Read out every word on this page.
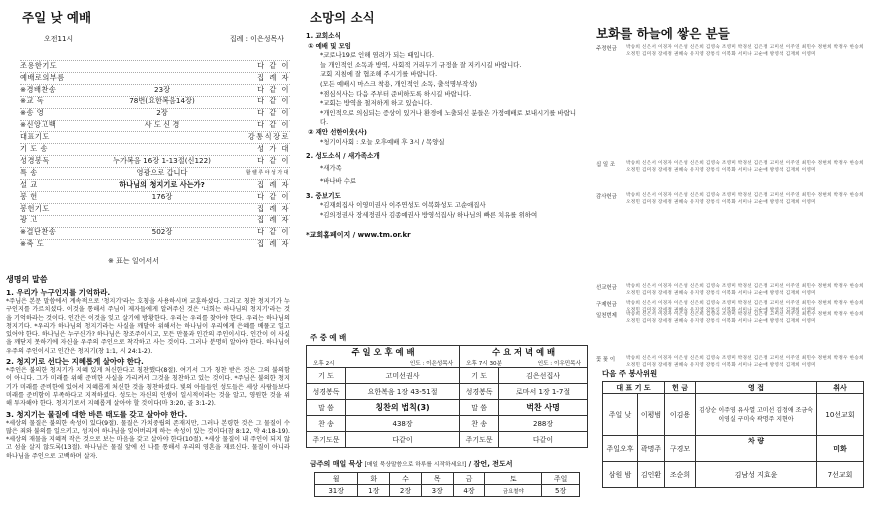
주일 낮 예배
오전11시	집례 : 이은성목사
조용한기도	다 같 이
예배로의부름	집 례 자
※경배찬송	23장	다 같 이
※교 독	78번(요한복음14장)	다 같 이
※송 영	2장	다 같 이
※신앙고백	사 도 신 경	다 같 이
대표기도	강통식장로
기 도 송	성 가 대
성경봉독	누가복음 16장 1-13절(신122)	다 같 이
특 송	영광으로 갑니다	할렐루야성가대
설 교	하나님의 청지기로 사는가?	집 례 자
봉 헌	176장	다 같 이
봉헌기도	집 례 자
광 고	집 례 자
※결단찬송	502장	다 같 이
※축 도	집 례 자
※ 표는 일어서서
생명의 말씀
1. 우리가 누구인지를 기억하라.
*주님은 본문 말씀에서 계속적으로 '청지기'라는 호칭을 사용하시며 교훈하셨다. 그리고 칭찬 청지기가 누구인지를 가르치셨다. 이것을 통해서 주님이 제자들에게 알려주신 것은 '너희는 하나님의 청지기'라는 것을 기억하라는 것이다. 인간은 이것을 잊고 살기에 방황한다. 우리는 우리를 찾아야 한다. 우리는 하나님의 청지기다. *우리가 하나님의 청지기라는 사실을 깨달아 위해서는 하나님이 우리에게 은혜를 베풀고 일고 있어야 한다. 하나님은 누구신가? 하나님은 창조주이시고, 모든 만물과 인간의 주인이시다. 인간이 이 사실을 깨닫지 못하기에 자신을 우주의 주인으로 착각하고 사는 것이다. 그러나 분명히 알아야 한다. 하나님이 우주의 주인이시고 인간은 청지기(창 1:1, 시 24:1-2).
2. 청지기로 선다는 지혜롭게 살아야 한다.
*주인은 불의한 청지기가 지혜 있게 처신한다고 칭찬했다(8절). 여기서 그가 칭찬 받은 것은 그의 불의함이 아니다. 그가 미래를 위해 준비한 사실을 가리켜서 그것을 칭찬하고 있는 것이다. *주님은 불의한 청지기가 미래를 준비한에 있어서 지혜롭게 처신한 것을 칭찬하셨다. 빛의 아들들인 성도들은 세상 사람들보다 미래를 준비함이 부족하다고 지적하셨다. 성도는 자신의 인생이 일시적이라는 것을 알고, 영원한 것을 위해 투자해야 한다. 청지기로서 지혜롭게 살아야 할 것이다(마 3:20, 골 3:1-2).
3. 청지기는 물질에 대한 바른 태도를 갖고 살아야 한다.
*세상의 물질은 불의한 속성이 있다(9절). 물질은 가치중립의 존재지만, 그러나 본령한 것은 그 물질이 수많은 죄와 불의를 일으키고, 성지어 하나님을 잊어버리게 하는 속성이 있는 것이다(참 8:12, 약 4:18-19). *세상의 재물을 지혜적 작은 것으로 보는 마음을 갖고 살아야 한다(10절). *세상 물질이 내 주인이 되지 않고 섬을 살지 않도록(13절). 하나님은 물질 앞에 선 나를 통해서 우리의 영혼을 재료신다. 물질이 아니라 하나님을 주인으로 고백하며 살자.
소망의 소식
1. 교회소식
① 예배 및 모임
*코로나19로 인해 염려가 되는 때입니다.
늘 개인적인 소독과 방역, 사회적 거리두기 규정을 잘 지키시길 바랍니다.
교회 지침에 잘 협조해 주시기를 바랍니다.
(모든 예배시 마스크 착용, 개인적인 소독, 출석명부작성)
*점심식사는 다음 주부터 준비하도록 하시길 바랍니다.
*교회는 방역을 철저하게 하고 있습니다.
*개인적으로 의심되는 증상이 있거나 환경에 노출되신 분들은 가정예배로 보내시기를 바랍니다.
② 재안 선한이웃(사)
*청기이사회 : 오늘 오후예배 후 3시 / 목양실
2. 성도소식 / 새가족소개
*새가족
*바나바 수료
3. 중보기도
*김재희집사 이영미권사 이주연성도 이복화성도 고순애집사
*김의정권사 장세정권사 김종예권사 방영석집사/ 하나님의 빠른 치유를 위하여
*교회홈페이지 / www.tm.or.kr
주 중 예 배
주 일 오 후 예 배		수 요 저 녁 예 배	

오후 2시 인도 : 이은성목사		오후 7시 30분 인도 : 이우민목사	

기 도	고미선권사	기 도	김은선집사
성경봉독	요한복음 1장 43-51절	성경봉독	로마서 1장 1-7절
말 씀	칭찬의 법칙(3)	말 씀	벅찬 사명
찬 송	438장	찬 송	288장
주기도문	다같이	주기도문	다같이
금주의 매일 묵상 [매일 묵상말씀으로 하루를 시작하세요!] / 잠언, 전도서
월	화	수	목	금	토	주일
31장	1장	2장	3장	4장	금요철야	5장
보화를 하늘에 쌓은 분들
주정헌금 박승희 신은서 이경자 이은성 신은희 김영숙 조영미 박경선 김은정 고미선 이주연 최민수 정현희 박정우 한승희 오정민 김미경 장세정 권혜숙 유지영 강통식 이복화 서미나 고순애 방영석 김재희 이영미
십 일 조 박승희 신은서 이경자 이은성 신은희 김영숙 조영미 박경선 김은정 고미선 이주연 최민수 정현희 박정우 한승희 오정민 김미경 장세정 권혜숙 유지영 강통식 이복화 서미나 고순애 방영석 김재희 이영미
감사헌금 박승희 신은서 이경자 이은성 신은희 김영숙 조영미 박경선 김은정 고미선 이주연 최민수 정현희 박정우 한승희 오정민 김미경 장세정 권혜숙 유지영 강통식 이복화 서미나 고순애 방영석 김재희 이영미
선교헌금 박승희 신은서 이경자 이은성 신은희 김영숙 조영미 박경선 김은정 고미선 이주연 최민수 정현희 박정우 한승희 오정민 김미경 장세정 권혜숙 유지영 강통식 이복화 서미나 고순애 방영석 김재희 이영미
구제헌금 박승희 신은서 이경자 이은성 신은희 김영숙 조영미 박경선 김은정 고미선 이주연 최민수 정현희 박정우 한승희 오정민 김미경 장세정 권혜숙 유지영 강통식 이복화 서미나 고순애 방영석 김재희 이영미
일천번제 박승희 신은서 이경자 이은성 신은희 김영숙 조영미 박경선 김은정 고미선 이주연 최민수 정현희 박정우 한승희 오정민 김미경 장세정 권혜숙 유지영 강통식 이복화 서미나 고순애 방영석 김재희 이영미
꽃 꽂 이 박승희 신은서 이경자 이은성 신은희 김영숙 조영미 박경선 김은정 고미선 이주연 최민수 정현희 박정우 한승희 오정민 김미경 장세정 권혜숙 유지영 강통식 이복화 서미나 고순애 방영석 김재희 이영미
다음 주 봉사위원
대 표 기 도		헌 금	영 접	취사
주일 낮	이평범	이김용	김상순 이주영 유사열 고미선 김정애 조금숙 이영실 구미숙 곽명주 지현아	10선교회
주일오후	곽명주	구경모	차 량	미화
삼원 밤	김인환	조순희	김남성 지효윤	7선교회
